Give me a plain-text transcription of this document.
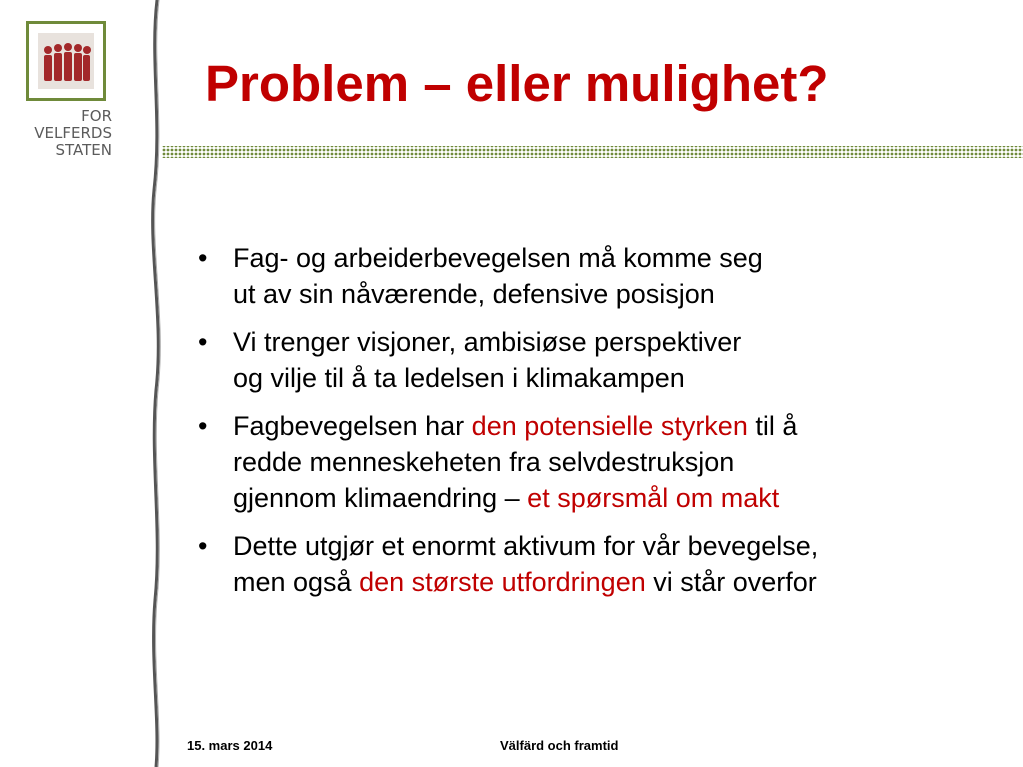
FOR
VELFERDS
STATEN
Problem – eller mulighet?
• Fag- og arbeiderbevegelsen må komme seg
ut av sin nåværende, defensive posisjon
• Vi trenger visjoner, ambisiøse perspektiver
og vilje til å ta ledelsen i klimakampen
• Fagbevegelsen har den potensielle styrken til å
redde menneskeheten fra selvdestruksjon
gjennom klimaendring – et spørsmål om makt
• Dette utgjør et enormt aktivum for vår bevegelse,
men også den største utfordringen vi står overfor
15. mars 2014	Välfärd och framtid
